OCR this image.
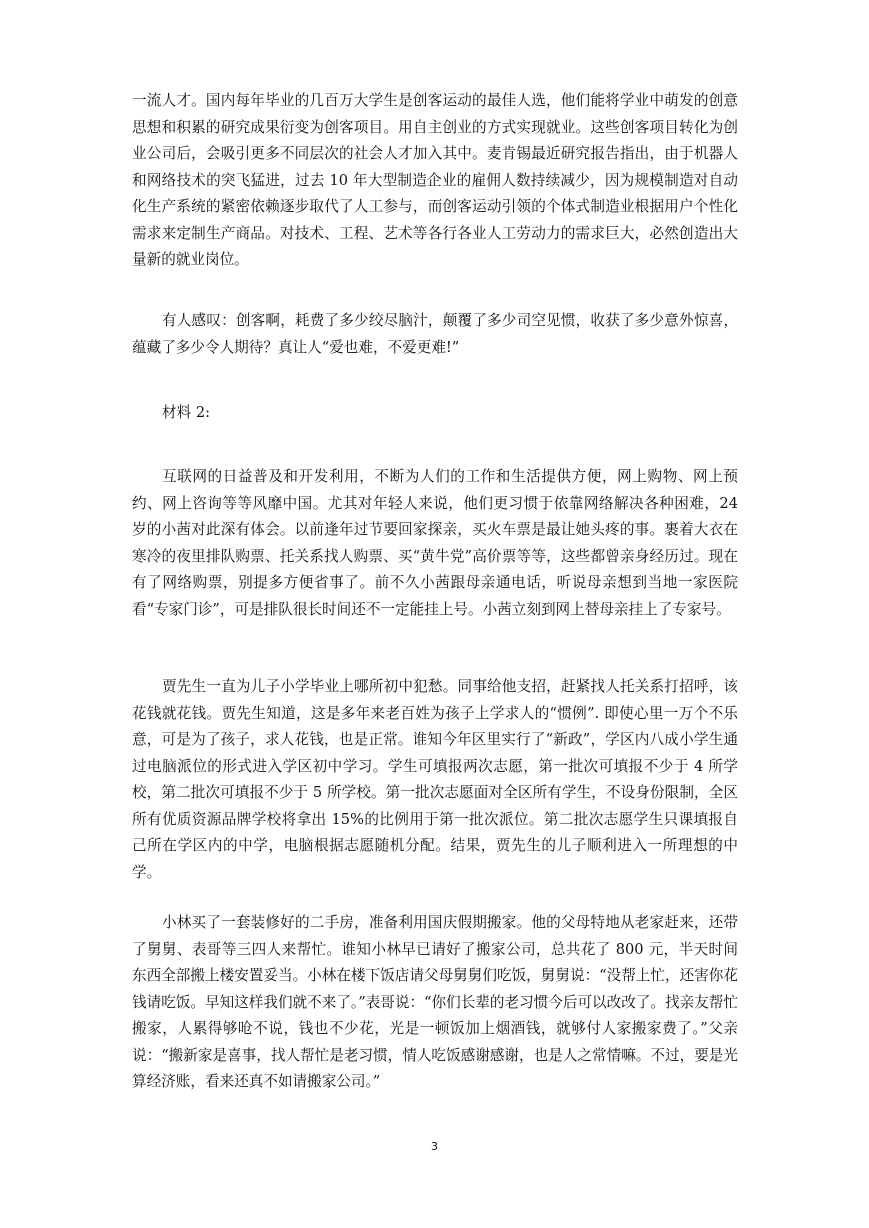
一流人才。国内每年毕业的几百万大学生是创客运动的最佳人选，他们能将学业中萌发的创意思想和积累的研究成果衍变为创客项目。用自主创业的方式实现就业。这些创客项目转化为创业公司后，会吸引更多不同层次的社会人才加入其中。麦肯锡最近研究报告指出，由于机器人和网络技术的突飞猛进，过去 10 年大型制造企业的雇佣人数持续减少，因为规模制造对自动化生产系统的紧密依赖逐步取代了人工参与，而创客运动引领的个体式制造业根据用户个性化需求来定制生产商品。对技术、工程、艺术等各行各业人工劳动力的需求巨大，必然创造出大量新的就业岗位。

有人感叹：创客啊，耗费了多少绞尽脑汁，颠覆了多少司空见惯，收获了多少意外惊喜，蕴藏了多少令人期待？真让人“爱也难，不爱更难!”

材料 2:

互联网的日益普及和开发利用，不断为人们的工作和生活提供方便，网上购物、网上预约、网上咨询等等风靡中国。尤其对年轻人来说，他们更习惯于依靠网络解决各种困难，24 岁的小茜对此深有体会。以前逢年过节要回家探亲，买火车票是最让她头疼的事。裹着大衣在寒冷的夜里排队购票、托关系找人购票、买“黄牛党”高价票等等，这些都曾亲身经历过。现在有了网络购票，别提多方便省事了。前不久小茜跟母亲通电话，听说母亲想到当地一家医院看“专家门诊”，可是排队很长时间还不一定能挂上号。小茜立刻到网上替母亲挂上了专家号。

贾先生一直为儿子小学毕业上哪所初中犯愁。同事给他支招，赶紧找人托关系打招呼，该花钱就花钱。贾先生知道，这是多年来老百姓为孩子上学求人的“惯例”. 即使心里一万个不乐意，可是为了孩子，求人花钱，也是正常。谁知今年区里实行了“新政”，学区内八成小学生通过电脑派位的形式进入学区初中学习。学生可填报两次志愿，第一批次可填报不少于 4 所学校，第二批次可填报不少于 5 所学校。第一批次志愿面对全区所有学生，不设身份限制，全区所有优质资源品牌学校将拿出 15%的比例用于第一批次派位。第二批次志愿学生只课填报自己所在学区内的中学，电脑根据志愿随机分配。结果，贾先生的儿子顺利进入一所理想的中学。

小林买了一套装修好的二手房，准备利用国庆假期搬家。他的父母特地从老家赶来，还带了舅舅、表哥等三四人来帮忙。谁知小林早已请好了搬家公司，总共花了 800 元，半天时间东西全部搬上楼安置妥当。小林在楼下饭店请父母舅舅们吃饭，舅舅说：“没帮上忙，还害你花钱请吃饭。早知这样我们就不来了。”表哥说：“你们长辈的老习惯今后可以改改了。找亲友帮忙搬家，人累得够呛不说，钱也不少花，光是一顿饭加上烟酒钱，就够付人家搬家费了。”父亲说：“搬新家是喜事，找人帮忙是老习惯，情人吃饭感谢感谢，也是人之常情嘛。不过，要是光算经济账，看来还真不如请搬家公司。”

3
